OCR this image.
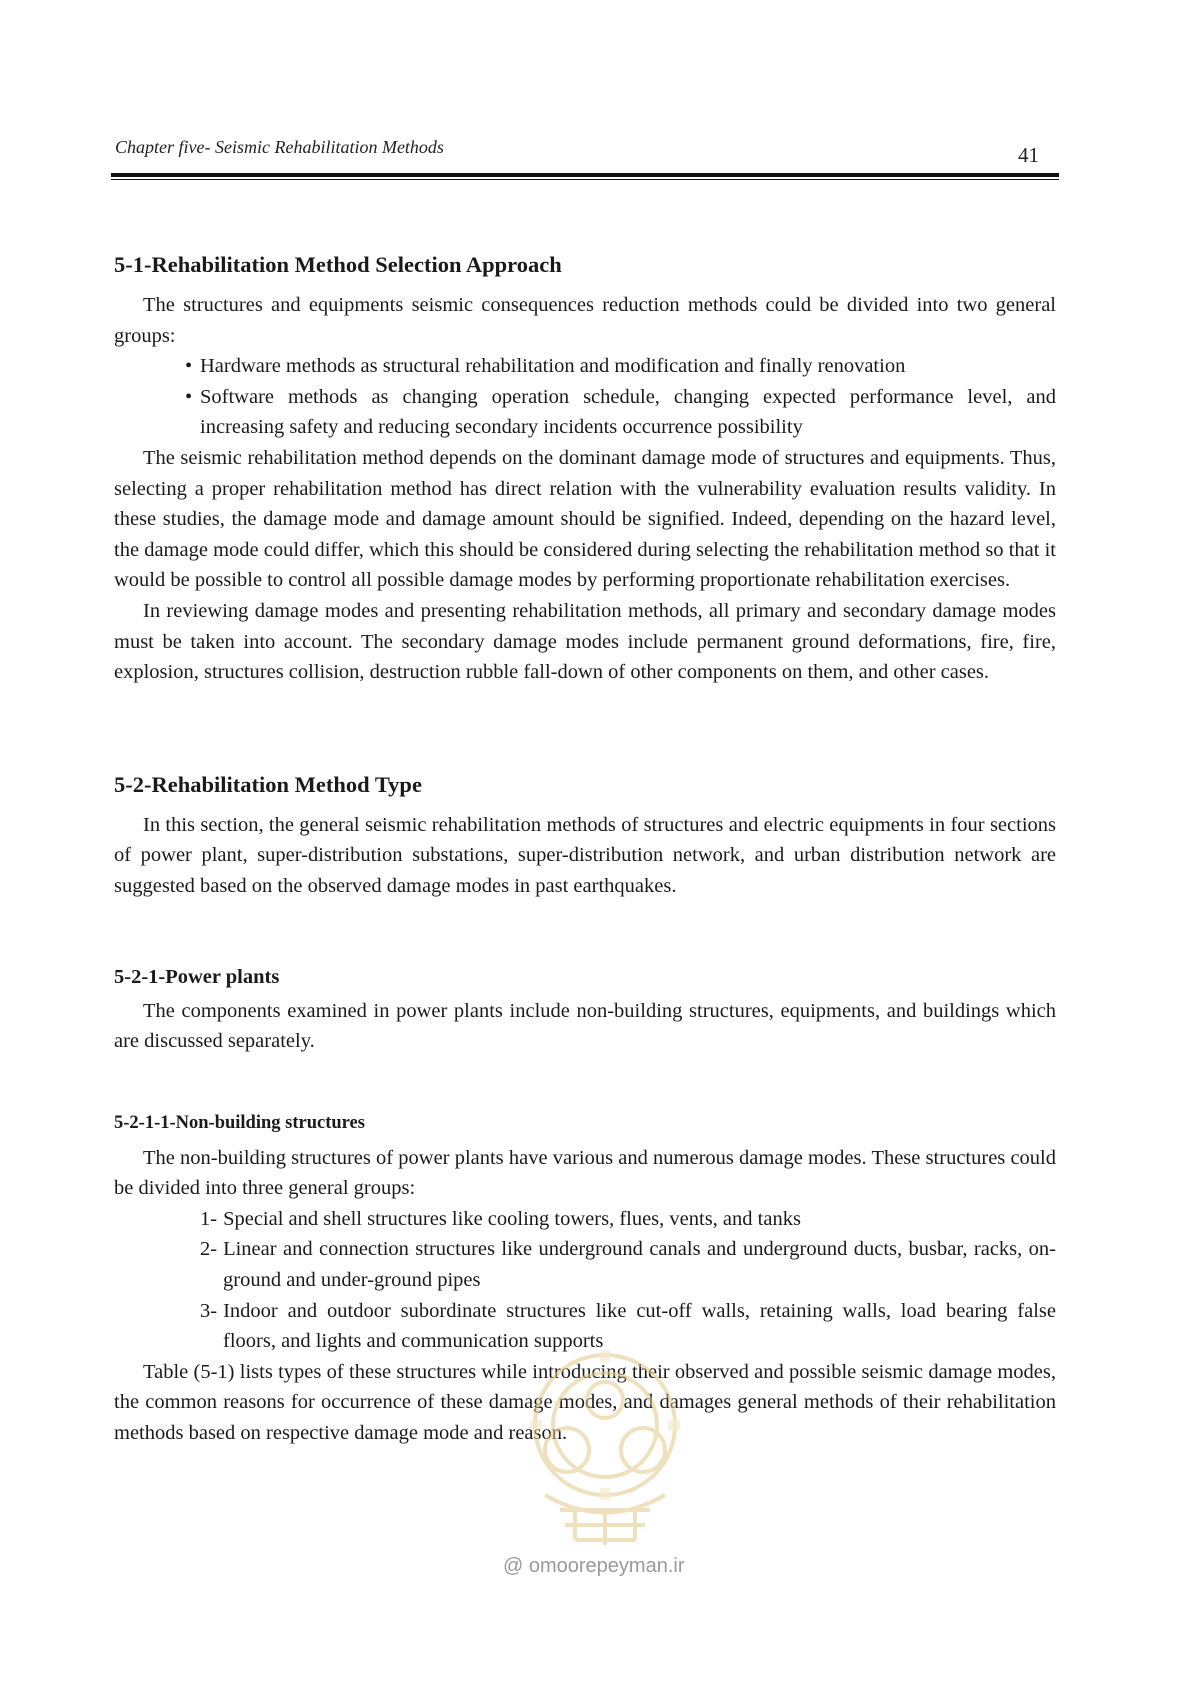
Chapter five- Seismic Rehabilitation Methods	41
5-1-Rehabilitation Method Selection Approach

The structures and equipments seismic consequences reduction methods could be divided into two general groups:

• Hardware methods as structural rehabilitation and modification and finally renovation
• Software methods as changing operation schedule, changing expected performance level, and increasing safety and reducing secondary incidents occurrence possibility

The seismic rehabilitation method depends on the dominant damage mode of structures and equipments. Thus, selecting a proper rehabilitation method has direct relation with the vulnerability evaluation results validity. In these studies, the damage mode and damage amount should be signified. Indeed, depending on the hazard level, the damage mode could differ, which this should be considered during selecting the rehabilitation method so that it would be possible to control all possible damage modes by performing proportionate rehabilitation exercises.

In reviewing damage modes and presenting rehabilitation methods, all primary and secondary damage modes must be taken into account. The secondary damage modes include permanent ground deformations, fire, fire, explosion, structures collision, destruction rubble fall-down of other components on them, and other cases.

5-2-Rehabilitation Method Type

In this section, the general seismic rehabilitation methods of structures and electric equipments in four sections of power plant, super-distribution substations, super-distribution network, and urban distribution network are suggested based on the observed damage modes in past earthquakes.

5-2-1-Power plants

The components examined in power plants include non-building structures, equipments, and buildings which are discussed separately.

5-2-1-1-Non-building structures

The non-building structures of power plants have various and numerous damage modes. These structures could be divided into three general groups:

1- Special and shell structures like cooling towers, flues, vents, and tanks
2- Linear and connection structures like underground canals and underground ducts, busbar, racks, on-ground and under-ground pipes
3- Indoor and outdoor subordinate structures like cut-off walls, retaining walls, load bearing false floors, and lights and communication supports

Table (5-1) lists types of these structures while introducing their observed and possible seismic damage modes, the common reasons for occurrence of these damage modes, and damages general methods of their rehabilitation methods based on respective damage mode and reason.

@ omoorepeyman.ir
